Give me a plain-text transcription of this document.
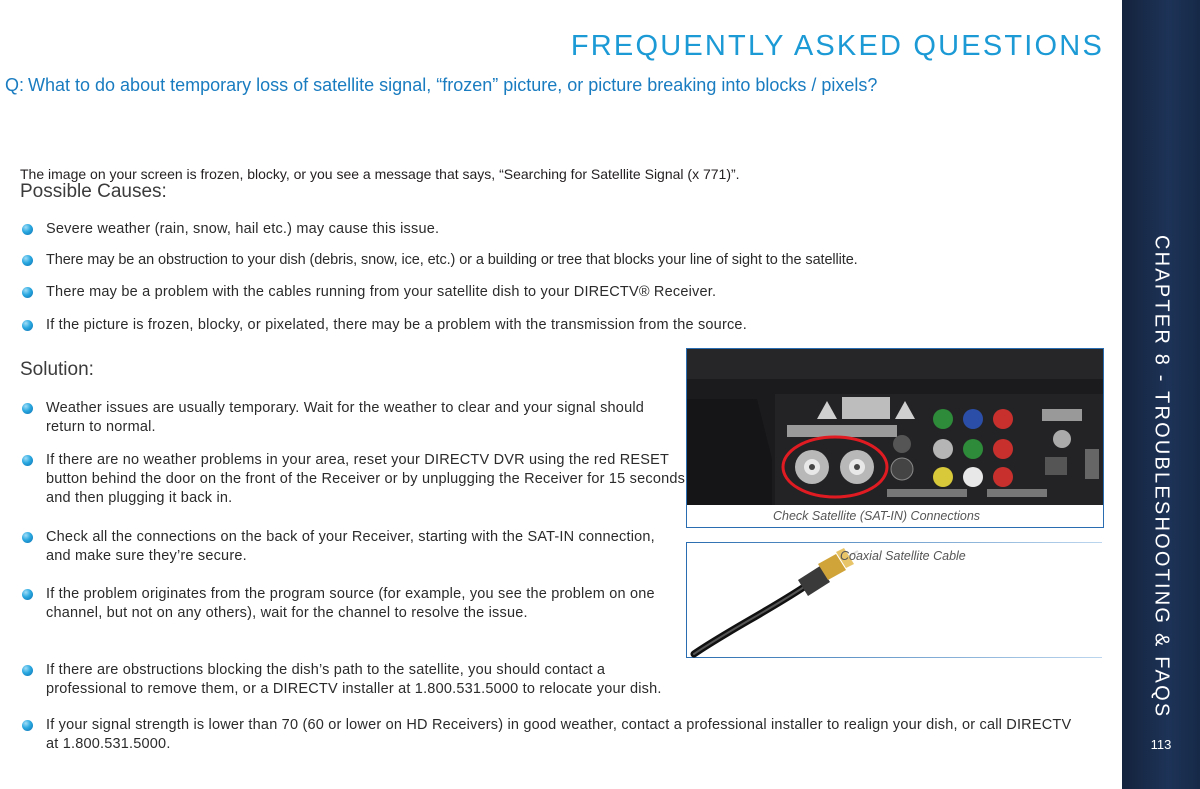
CHAPTER 8 - TROUBLESHOOTING & FAQS
113
FREQUENTLY ASKED QUESTIONS
Q: What to do about temporary loss of satellite signal, “frozen” picture, or picture breaking into blocks / pixels?
The image on your screen is frozen, blocky, or you see a message that says, “Searching for Satellite Signal (x 771)”.
Possible Causes:
Severe weather (rain, snow, hail etc.) may cause this issue.
There may be an obstruction to your dish (debris, snow, ice, etc.) or a building or tree that blocks your line of sight to the satellite.
There may be a problem with the cables running from your satellite dish to your DIRECTV® Receiver.
If the picture is frozen, blocky, or pixelated, there may be a problem with the transmission from the source.
Solution:
Weather issues are usually temporary. Wait for the weather to clear and your signal should return to normal.
If there are no weather problems in your area, reset your DIRECTV DVR using the red RESET button behind the door on the front of the Receiver or by unplugging the Receiver for 15 seconds and then plugging it back in.
Check all the connections on the back of your Receiver, starting with the SAT-IN connection, and make sure they’re secure.
If the problem originates from the program source (for example, you see the problem on one channel, but not on any others), wait for the channel to resolve the issue.
If there are obstructions blocking the dish’s path to the satellite, you should contact a professional to remove them, or a DIRECTV installer at 1.800.531.5000 to relocate your dish.
If your signal strength is lower than 70 (60 or lower on HD Receivers) in good weather, contact a professional installer to realign your dish, or call DIRECTV at 1.800.531.5000.
Check Satellite (SAT-IN) Connections
Coaxial Satellite Cable
